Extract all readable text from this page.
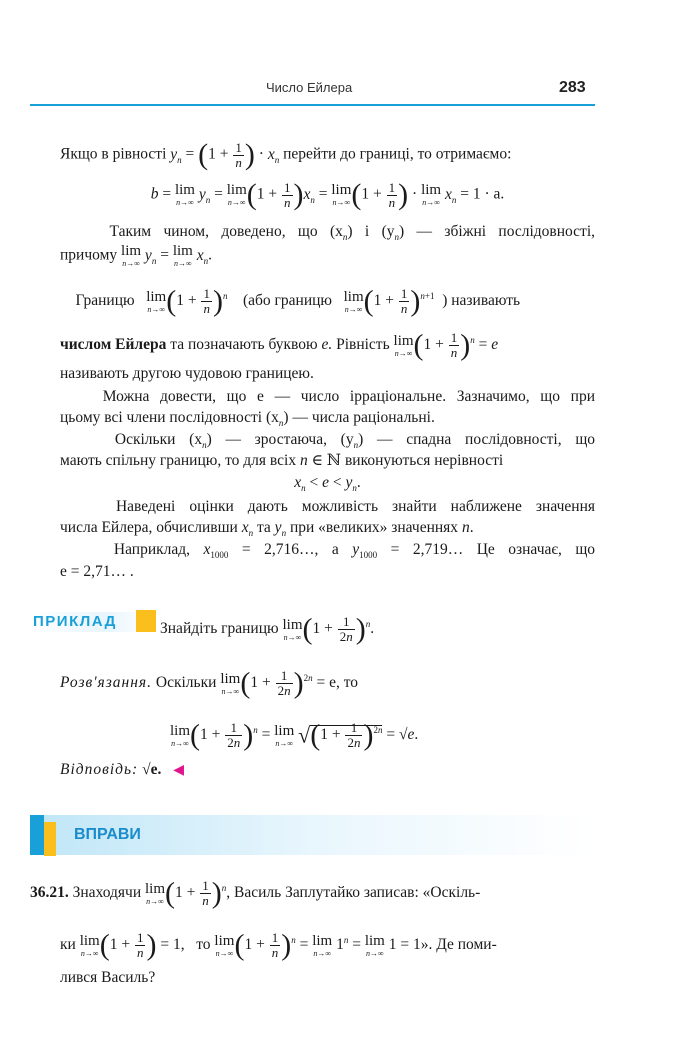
Число Ейлера	283
Якщо в рівності $y_n = (1 + \frac{1}{n}$ ) · $x_n$ перейти до границі, то отримаємо:
b = lim
n→∞ $y_n = \lim$
n→∞ $(1 + \frac{1}{n} )x_n = \lim$
n→∞ ($1 + \frac{1}{n}$ ) · lim
n→∞ $x_n = 1 \cdot a$.
Таким чином, доведено, що $(x_n)$ і $(y_n)$ — збіжні послідовності,
причому lim
n→∞ $y_n = \lim$
n→∞ $x_n$.
Границю lim
n→∞ $(1 + \frac{1}{n} )^n$ (або границю lim
n→∞ $(1 + \frac{1}{n} )^{n+1}$ ) називають
числом Ейлера та позначають буквою e. Рівність lim
n→∞ $(1 + \frac{1}{n} )^n = e$
називають другою чудовою границею.
Можна довести, що e — число ірраціональне. Зазначимо, що при
цьому всі члени послідовності $(x_n)$ — числа раціональні.
Оскільки $(x_n)$ — зростаюча, $(y_n)$ — спадна послідовності, що
мають спільну границю, то для всіх n ∈ ℕ виконуються нерівності
$x_n < e < y_n$.
Наведені оцінки дають можливість знайти наближене значення
числа Ейлера, обчисливши $x_n$ та $y_n$ при «великих» значеннях n.
Наприклад, $x_{1000}$ = 2,716…, а $y_{1000}$ = 2,719… Це означає, що
e = 2,71… .
ПРИКЛАД	Знайдіть границю lim
n→∞ $(1 + \frac{1}{2n} )^n$.
Розв'язання. Оскільки lim
n→∞ $(1 + \frac{1}{2n} )^{2n} = e$, то
lim
n→∞ $(1 + \frac{1}{2n} )^n = \lim$
n→∞ $√(1 + \frac{1}{2n} )^{2n} = √e$.
Відповідь: √e. ◀
ВПРАВИ
36.21. Знаходячи lim
n→∞ $(1 + \frac{1}{n} )^n$, Василь Заплутайко записав: «Оскіль-
ки lim
n→∞ ($1 + \frac{1}{n}$ ) = 1,   то lim
n→∞ $(1 + \frac{1}{n} )^n = \lim$
n→∞ $1^n = \lim$
n→∞ 1 = 1». Де поми-
лився Василь?
